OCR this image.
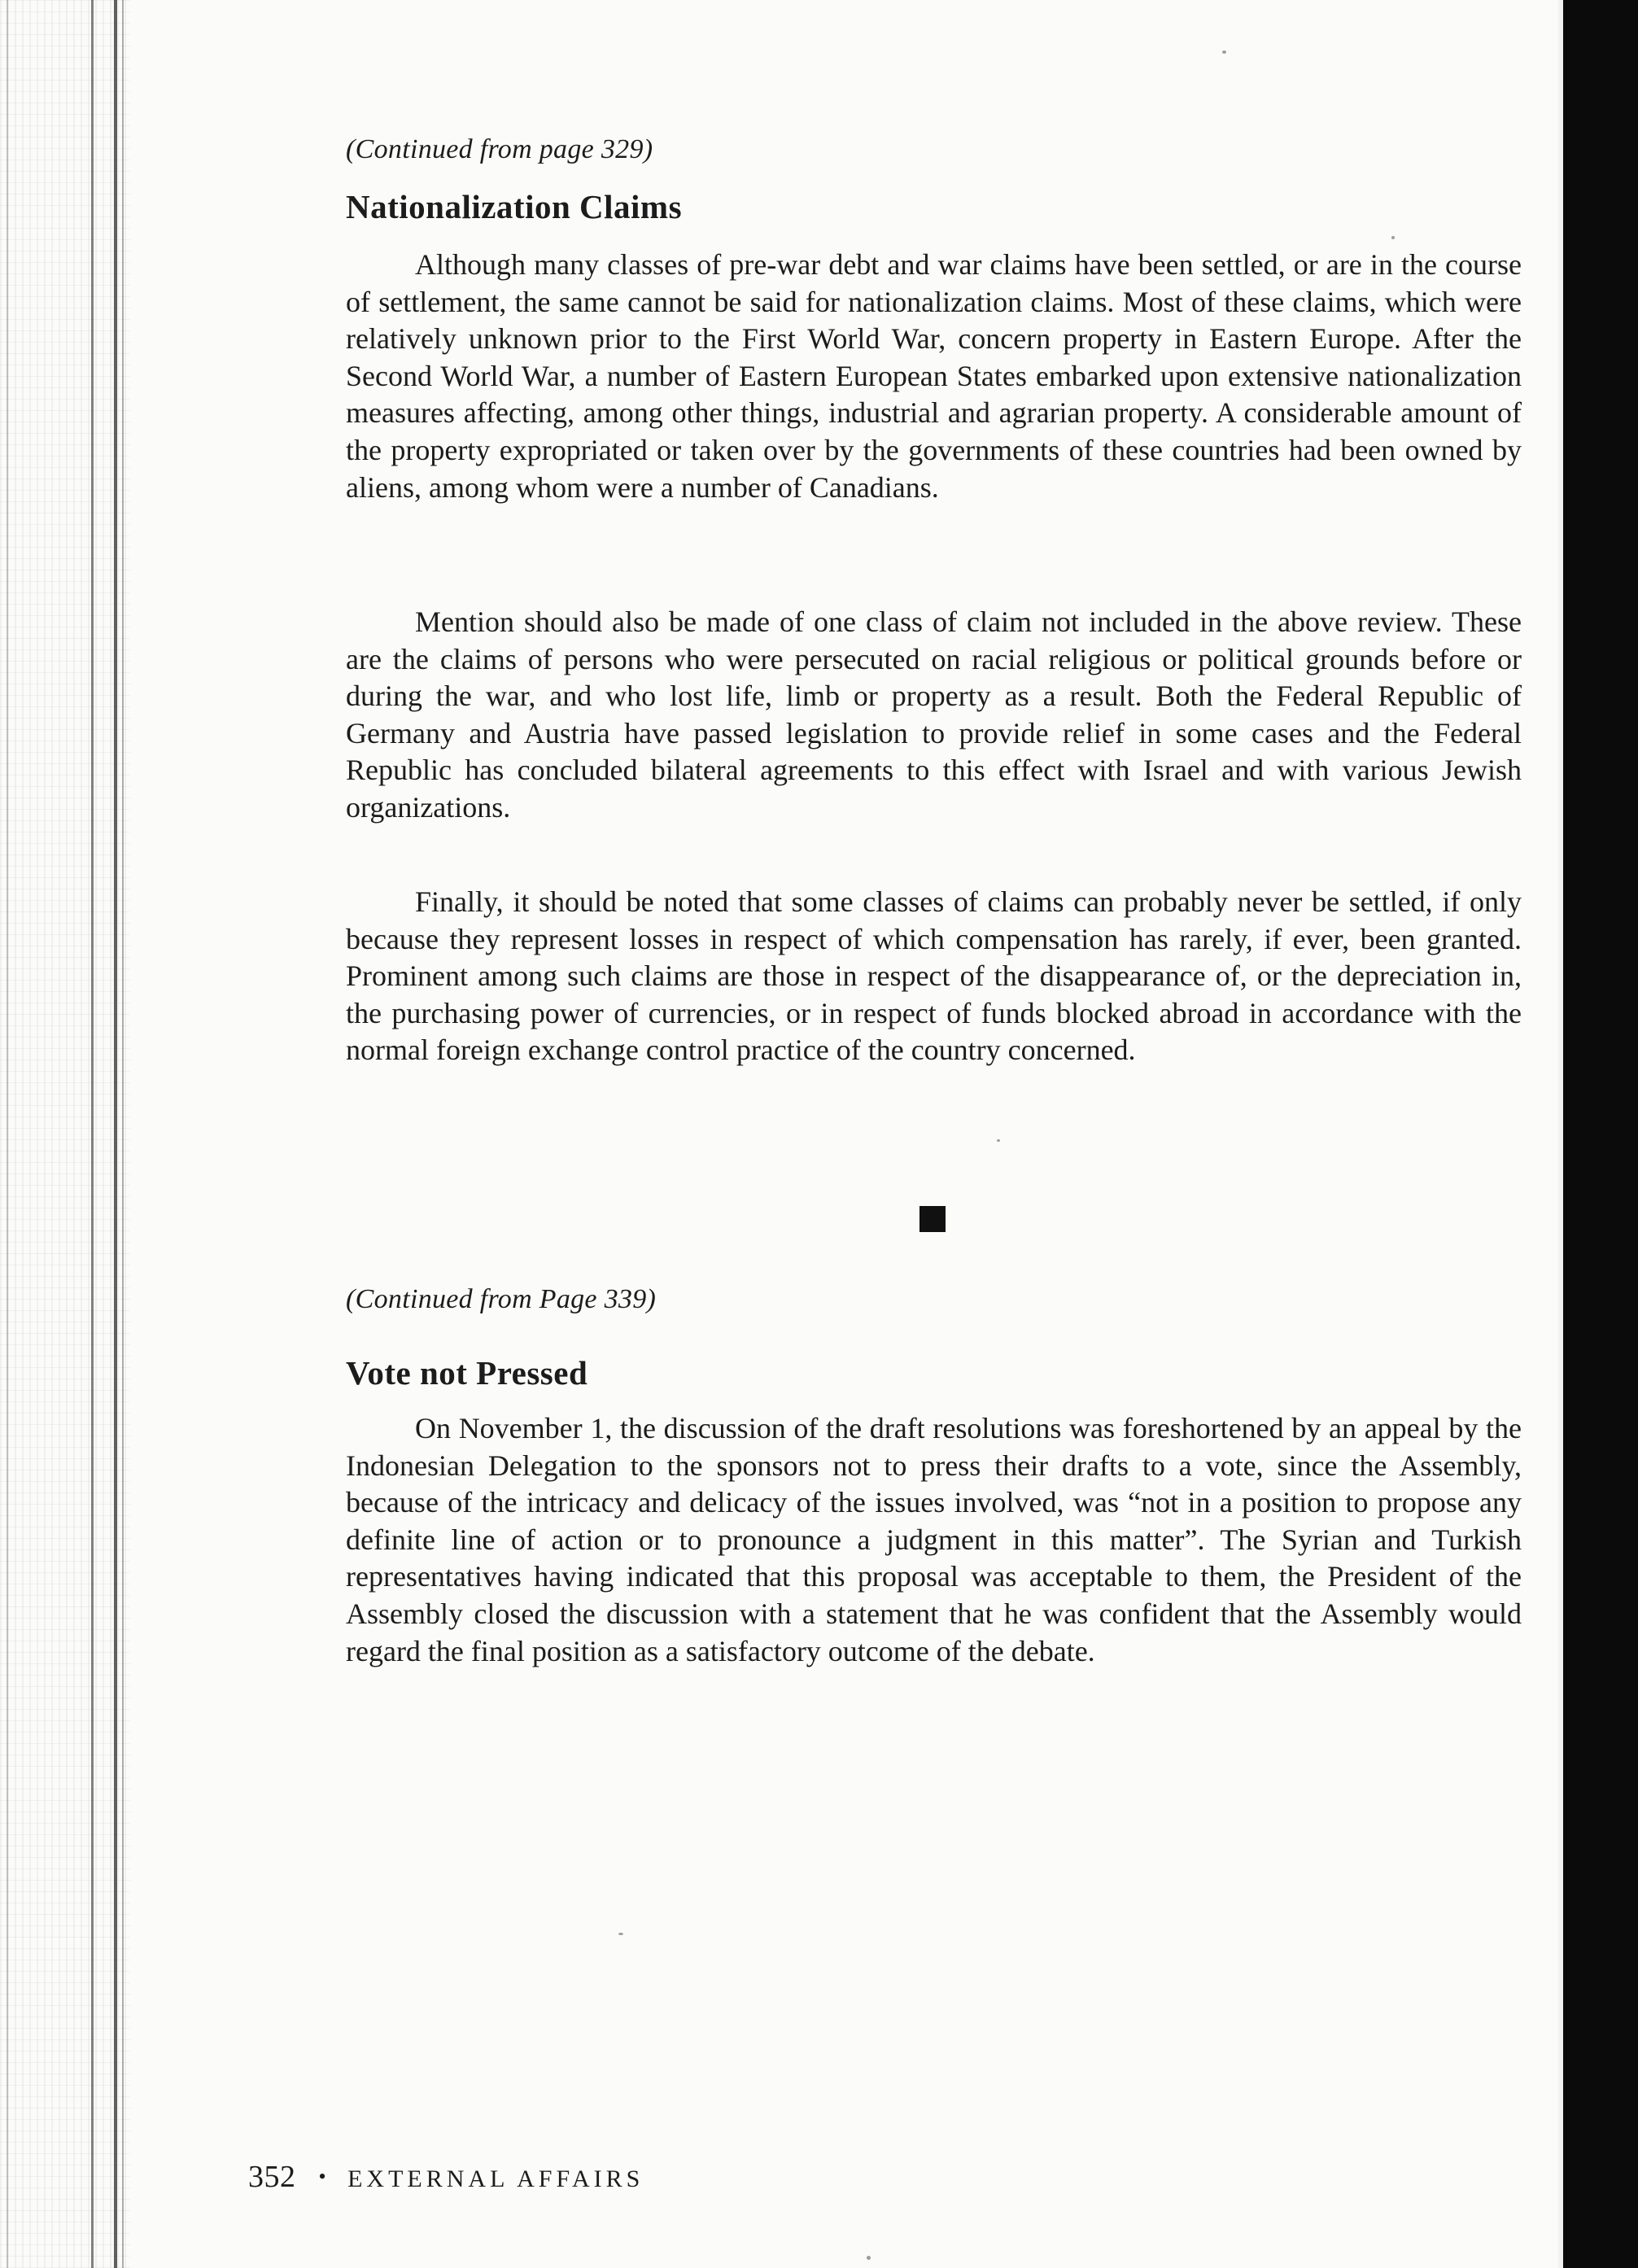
(Continued from page 329)
Nationalization Claims

Although many classes of pre-war debt and war claims have been settled, or are in the course of settlement, the same cannot be said for nationalization claims. Most of these claims, which were relatively unknown prior to the First World War, concern property in Eastern Europe. After the Second World War, a number of Eastern European States embarked upon extensive nationalization measures affecting, among other things, industrial and agrarian property. A considerable amount of the property expropriated or taken over by the governments of these countries had been owned by aliens, among whom were a number of Canadians.

Mention should also be made of one class of claim not included in the above review. These are the claims of persons who were persecuted on racial religious or political grounds before or during the war, and who lost life, limb or property as a result. Both the Federal Republic of Germany and Austria have passed legislation to provide relief in some cases and the Federal Republic has concluded bilateral agreements to this effect with Israel and with various Jewish organizations.

Finally, it should be noted that some classes of claims can probably never be settled, if only because they represent losses in respect of which compensation has rarely, if ever, been granted. Prominent among such claims are those in respect of the disappearance of, or the depreciation in, the purchasing power of currencies, or in respect of funds blocked abroad in accordance with the normal foreign exchange control practice of the country concerned.

(Continued from Page 339)
Vote not Pressed

On November 1, the discussion of the draft resolutions was foreshortened by an appeal by the Indonesian Delegation to the sponsors not to press their drafts to a vote, since the Assembly, because of the intricacy and delicacy of the issues involved, was “not in a position to propose any definite line of action or to pronounce a judgment in this matter”. The Syrian and Turkish representatives having indicated that this proposal was acceptable to them, the President of the Assembly closed the discussion with a statement that he was confident that the Assembly would regard the final position as a satisfactory outcome of the debate.

352 • EXTERNAL AFFAIRS
